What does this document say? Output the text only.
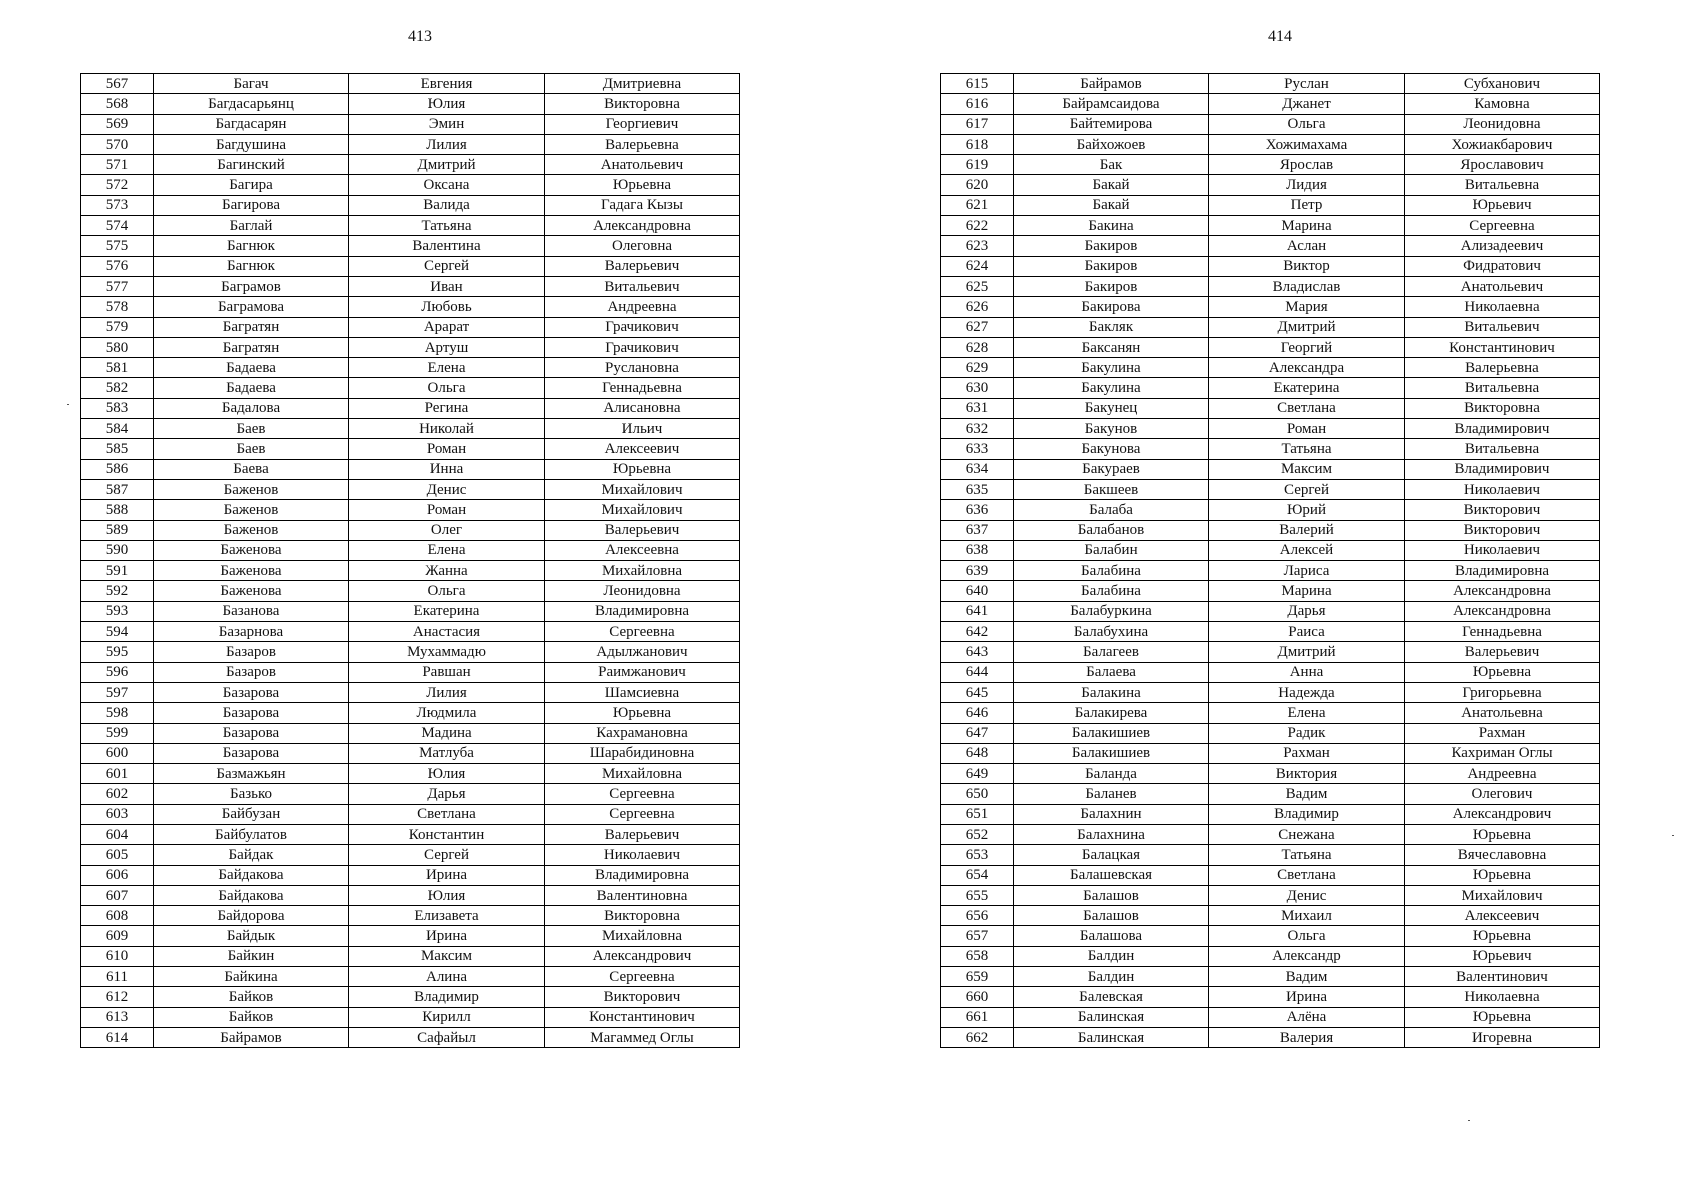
413	414
567	Багач	Евгения	Дмитриевна
568	Багдасарьянц	Юлия	Викторовна
569	Багдасарян	Эмин	Георгиевич
570	Багдушина	Лилия	Валерьевна
571	Багинский	Дмитрий	Анатольевич
572	Багира	Оксана	Юрьевна
573	Багирова	Валида	Гадага Кызы
574	Баглай	Татьяна	Александровна
575	Багнюк	Валентина	Олеговна
576	Багнюк	Сергей	Валерьевич
577	Баграмов	Иван	Витальевич
578	Баграмова	Любовь	Андреевна
579	Багратян	Арарат	Грачикович
580	Багратян	Артуш	Грачикович
581	Бадаева	Елена	Руслановна
582	Бадаева	Ольга	Геннадьевна
583	Бадалова	Регина	Алисановна
584	Баев	Николай	Ильич
585	Баев	Роман	Алексеевич
586	Баева	Инна	Юрьевна
587	Баженов	Денис	Михайлович
588	Баженов	Роман	Михайлович
589	Баженов	Олег	Валерьевич
590	Баженова	Елена	Алексеевна
591	Баженова	Жанна	Михайловна
592	Баженова	Ольга	Леонидовна
593	Базанова	Екатерина	Владимировна
594	Базарнова	Анастасия	Сергеевна
595	Базаров	Мухаммадю	Адылжанович
596	Базаров	Равшан	Раимжанович
597	Базарова	Лилия	Шамсиевна
598	Базарова	Людмила	Юрьевна
599	Базарова	Мадина	Кахрамановна
600	Базарова	Матлуба	Шарабидиновна
601	Базмажьян	Юлия	Михайловна
602	Базько	Дарья	Сергеевна
603	Байбузан	Светлана	Сергеевна
604	Байбулатов	Константин	Валерьевич
605	Байдак	Сергей	Николаевич
606	Байдакова	Ирина	Владимировна
607	Байдакова	Юлия	Валентиновна
608	Байдорова	Елизавета	Викторовна
609	Байдык	Ирина	Михайловна
610	Байкин	Максим	Александрович
611	Байкина	Алина	Сергеевна
612	Байков	Владимир	Викторович
613	Байков	Кирилл	Константинович
614	Байрамов	Сафайыл	Магаммед Оглы
615	Байрамов	Руслан	Субханович
616	Байрамсаидова	Джанет	Камовна
617	Байтемирова	Ольга	Леонидовна
618	Байхожоев	Хожимахама	Хожиакбарович
619	Бак	Ярослав	Ярославович
620	Бакай	Лидия	Витальевна
621	Бакай	Петр	Юрьевич
622	Бакина	Марина	Сергеевна
623	Бакиров	Аслан	Ализадеевич
624	Бакиров	Виктор	Фидратович
625	Бакиров	Владислав	Анатольевич
626	Бакирова	Мария	Николаевна
627	Бакляк	Дмитрий	Витальевич
628	Баксанян	Георгий	Константинович
629	Бакулина	Александра	Валерьевна
630	Бакулина	Екатерина	Витальевна
631	Бакунец	Светлана	Викторовна
632	Бакунов	Роман	Владимирович
633	Бакунова	Татьяна	Витальевна
634	Бакураев	Максим	Владимирович
635	Бакшеев	Сергей	Николаевич
636	Балаба	Юрий	Викторович
637	Балабанов	Валерий	Викторович
638	Балабин	Алексей	Николаевич
639	Балабина	Лариса	Владимировна
640	Балабина	Марина	Александровна
641	Балабуркина	Дарья	Александровна
642	Балабухина	Раиса	Геннадьевна
643	Балагеев	Дмитрий	Валерьевич
644	Балаева	Анна	Юрьевна
645	Балакина	Надежда	Григорьевна
646	Балакирева	Елена	Анатольевна
647	Балакишиев	Радик	Рахман
648	Балакишиев	Рахман	Кахриман Оглы
649	Баланда	Виктория	Андреевна
650	Баланев	Вадим	Олегович
651	Балахнин	Владимир	Александрович
652	Балахнина	Снежана	Юрьевна
653	Балацкая	Татьяна	Вячеславовна
654	Балашевская	Светлана	Юрьевна
655	Балашов	Денис	Михайлович
656	Балашов	Михаил	Алексеевич
657	Балашова	Ольга	Юрьевна
658	Балдин	Александр	Юрьевич
659	Балдин	Вадим	Валентинович
660	Балевская	Ирина	Николаевна
661	Балинская	Алёна	Юрьевна
662	Балинская	Валерия	Игоревна
